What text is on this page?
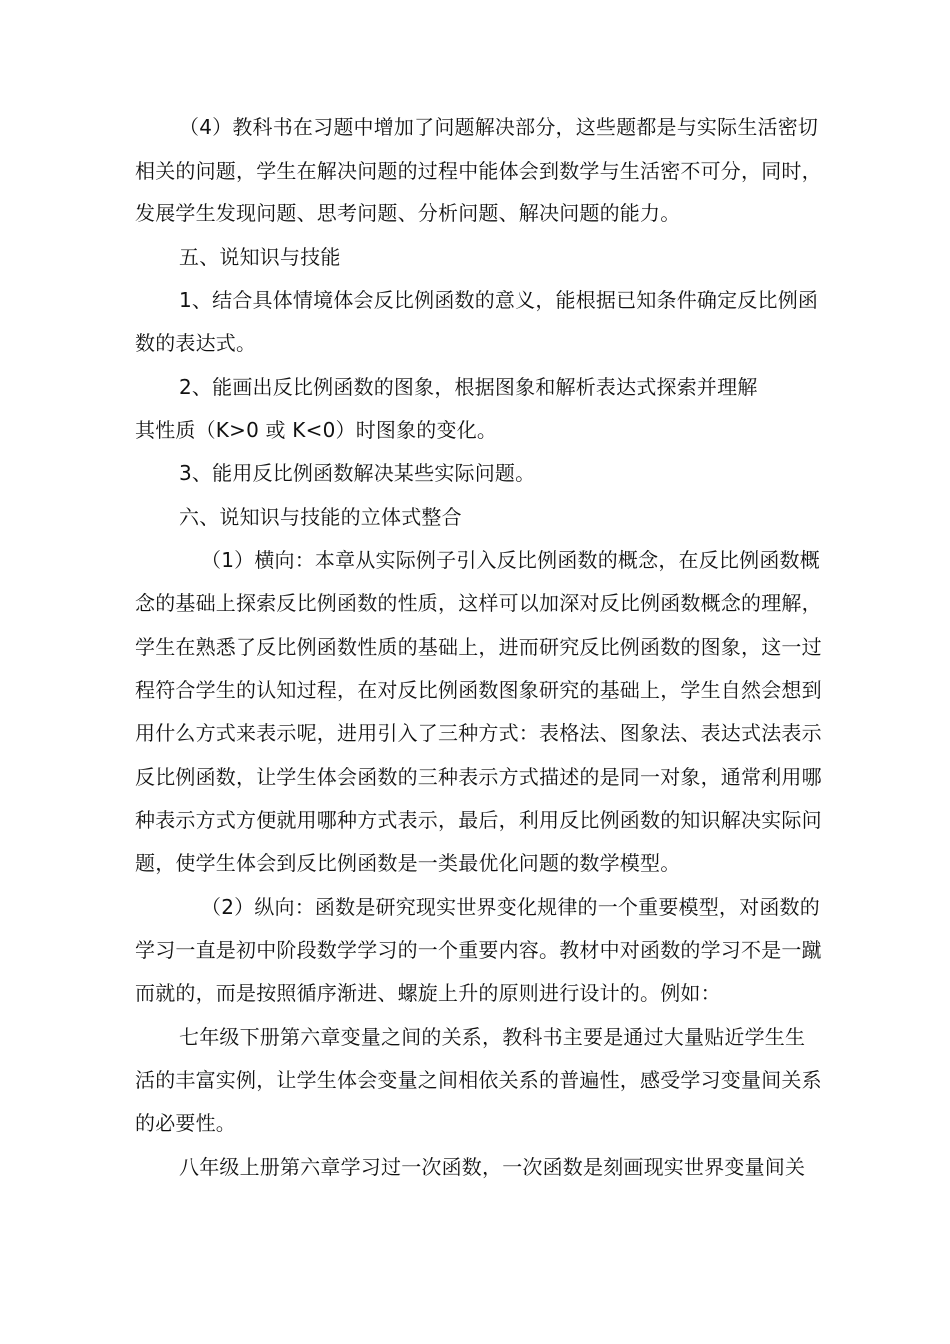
（4）教科书在习题中增加了问题解决部分，这些题都是与实际生活密切
相关的问题，学生在解决问题的过程中能体会到数学与生活密不可分，同时，
发展学生发现问题、思考问题、分析问题、解决问题的能力。
五、说知识与技能
1、结合具体情境体会反比例函数的意义，能根据已知条件确定反比例函
数的表达式。
2、能画出反比例函数的图象，根据图象和解析表达式探索并理解
其性质（K>0 或 K<0）时图象的变化。
3、能用反比例函数解决某些实际问题。
六、说知识与技能的立体式整合
（1）横向：本章从实际例子引入反比例函数的概念，在反比例函数概
念的基础上探索反比例函数的性质，这样可以加深对反比例函数概念的理解，
学生在熟悉了反比例函数性质的基础上，进而研究反比例函数的图象，这一过
程符合学生的认知过程，在对反比例函数图象研究的基础上，学生自然会想到
用什么方式来表示呢，进用引入了三种方式：表格法、图象法、表达式法表示
反比例函数，让学生体会函数的三种表示方式描述的是同一对象，通常利用哪
种表示方式方便就用哪种方式表示，最后，利用反比例函数的知识解决实际问
题，使学生体会到反比例函数是一类最优化问题的数学模型。
（2）纵向：函数是研究现实世界变化规律的一个重要模型，对函数的
学习一直是初中阶段数学学习的一个重要内容。教材中对函数的学习不是一蹴
而就的，而是按照循序渐进、螺旋上升的原则进行设计的。例如：
七年级下册第六章变量之间的关系，教科书主要是通过大量贴近学生生
活的丰富实例，让学生体会变量之间相依关系的普遍性，感受学习变量间关系
的必要性。
八年级上册第六章学习过一次函数，一次函数是刻画现实世界变量间关
